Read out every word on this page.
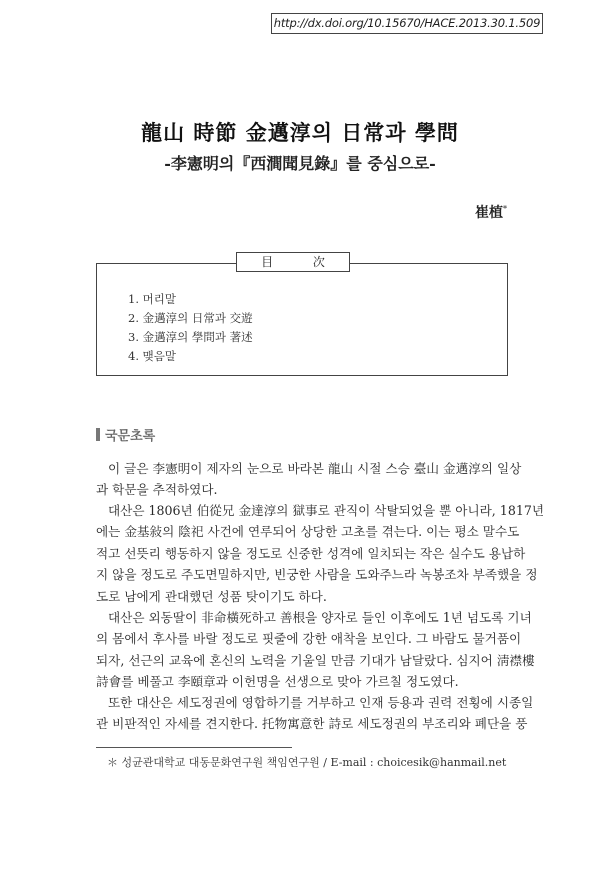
http://dx.doi.org/10.15670/HACE.2013.30.1.509
龍山 時節 金邁淳의 日常과 學問
-李憲明의『西澗聞見錄』를 중심으로-
崔植*
目 次
1. 머리말
2. 金邁淳의 日常과 交遊
3. 金邁淳의 學問과 著述
4. 맺음말
국문초록
이 글은 李憲明이 제자의 눈으로 바라본 龍山 시절 스승 臺山 金邁淳의 일상
과 학문을 추적하였다.
대산은 1806년 伯從兄 金達淳의 獄事로 관직이 삭탈되었을 뿐 아니라, 1817년
에는 金基敍의 陰祀 사건에 연루되어 상당한 고초를 겪는다. 이는 평소 말수도
적고 선뜻리 행동하지 않을 정도로 신중한 성격에 일치되는 작은 실수도 용납하
지 않을 정도로 주도면밀하지만, 빈궁한 사람을 도와주느라 녹봉조차 부족했을 정
도로 남에게 관대했던 성품 탓이기도 하다.
대산은 외동딸이 非命橫死하고 善根을 양자로 들인 이후에도 1년 넘도록 기녀
의 몸에서 후사를 바랄 정도로 핏줄에 강한 애착을 보인다. 그 바람도 물거품이
되자, 선근의 교육에 혼신의 노력을 기울일 만큼 기대가 남달랐다. 심지어 淸襟樓
詩會를 베풀고 李頤章과 이헌명을 선생으로 맞아 가르칠 정도였다.
또한 대산은 세도정권에 영합하기를 거부하고 인재 등용과 권력 전횡에 시종일
관 비판적인 자세를 견지한다. 托物寓意한 詩로 세도정권의 부조리와 폐단을 풍
＊ 성균관대학교 대동문화연구원 책임연구원 / E-mail : choicesik@hanmail.net
